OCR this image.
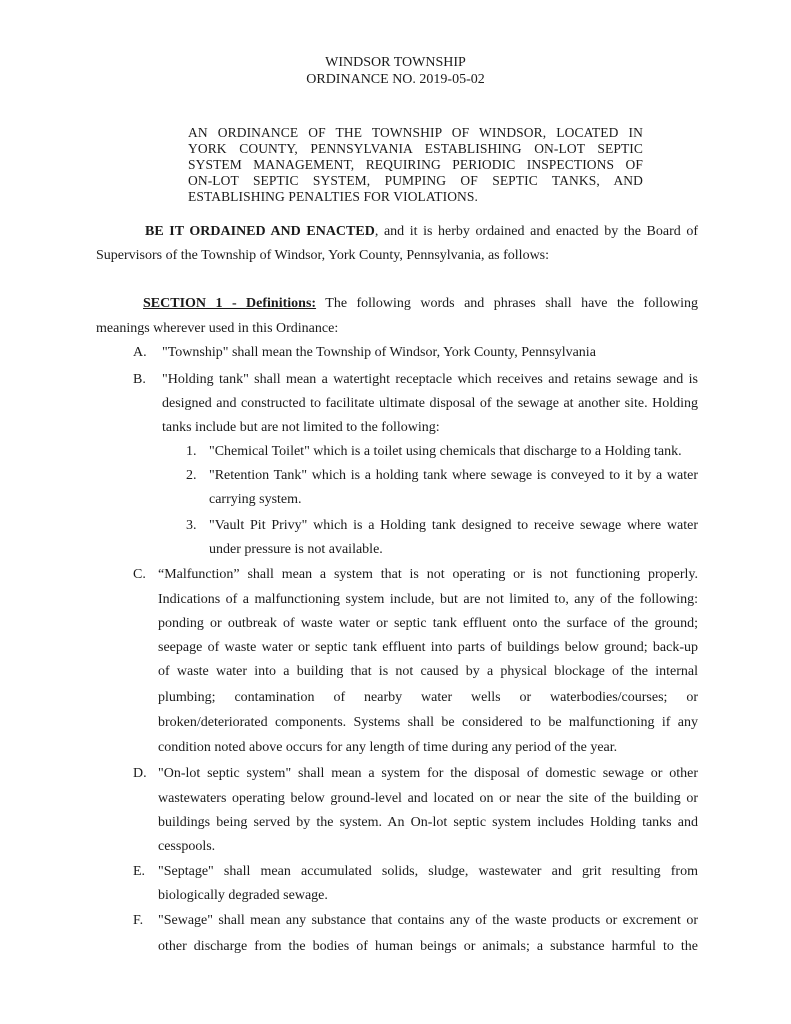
WINDSOR TOWNSHIP
ORDINANCE NO. 2019-05-02
AN ORDINANCE OF THE TOWNSHIP OF WINDSOR, LOCATED IN
YORK COUNTY, PENNSYLVANIA ESTABLISHING ON-LOT SEPTIC
SYSTEM MANAGEMENT, REQUIRING PERIODIC INSPECTIONS OF
ON-LOT SEPTIC SYSTEM, PUMPING OF SEPTIC TANKS, AND
ESTABLISHING PENALTIES FOR VIOLATIONS.
BE IT ORDAINED AND ENACTED, and it is herby ordained and enacted by the Board of
Supervisors of the Township of Windsor, York County, Pennsylvania, as follows:
SECTION 1 - Definitions: The following words and phrases shall have the following
meanings wherever used in this Ordinance:
A. "Township" shall mean the Township of Windsor, York County, Pennsylvania
B. "Holding tank" shall mean a watertight receptacle which receives and retains sewage and is
designed and constructed to facilitate ultimate disposal of the sewage at another site. Holding
tanks include but are not limited to the following:
1. "Chemical Toilet" which is a toilet using chemicals that discharge to a Holding tank.
2. "Retention Tank" which is a holding tank where sewage is conveyed to it by a water
carrying system.
3. "Vault Pit Privy" which is a Holding tank designed to receive sewage where water
under pressure is not available.
C. “Malfunction” shall mean a system that is not operating or is not functioning properly.
Indications of a malfunctioning system include, but are not limited to, any of the following:
ponding or outbreak of waste water or septic tank effluent onto the surface of the ground;
seepage of waste water or septic tank effluent into parts of buildings below ground; back-up
of waste water into a building that is not caused by a physical blockage of the internal
plumbing; contamination of nearby water wells or waterbodies/courses; or
broken/deteriorated components. Systems shall be considered to be malfunctioning if any
condition noted above occurs for any length of time during any period of the year.
D. "On-lot septic system" shall mean a system for the disposal of domestic sewage or other
wastewaters operating below ground-level and located on or near the site of the building or
buildings being served by the system. An On-lot septic system includes Holding tanks and
cesspools.
E. "Septage" shall mean accumulated solids, sludge, wastewater and grit resulting from
biologically degraded sewage.
F. "Sewage" shall mean any substance that contains any of the waste products or excrement or
other discharge from the bodies of human beings or animals; a substance harmful to the
